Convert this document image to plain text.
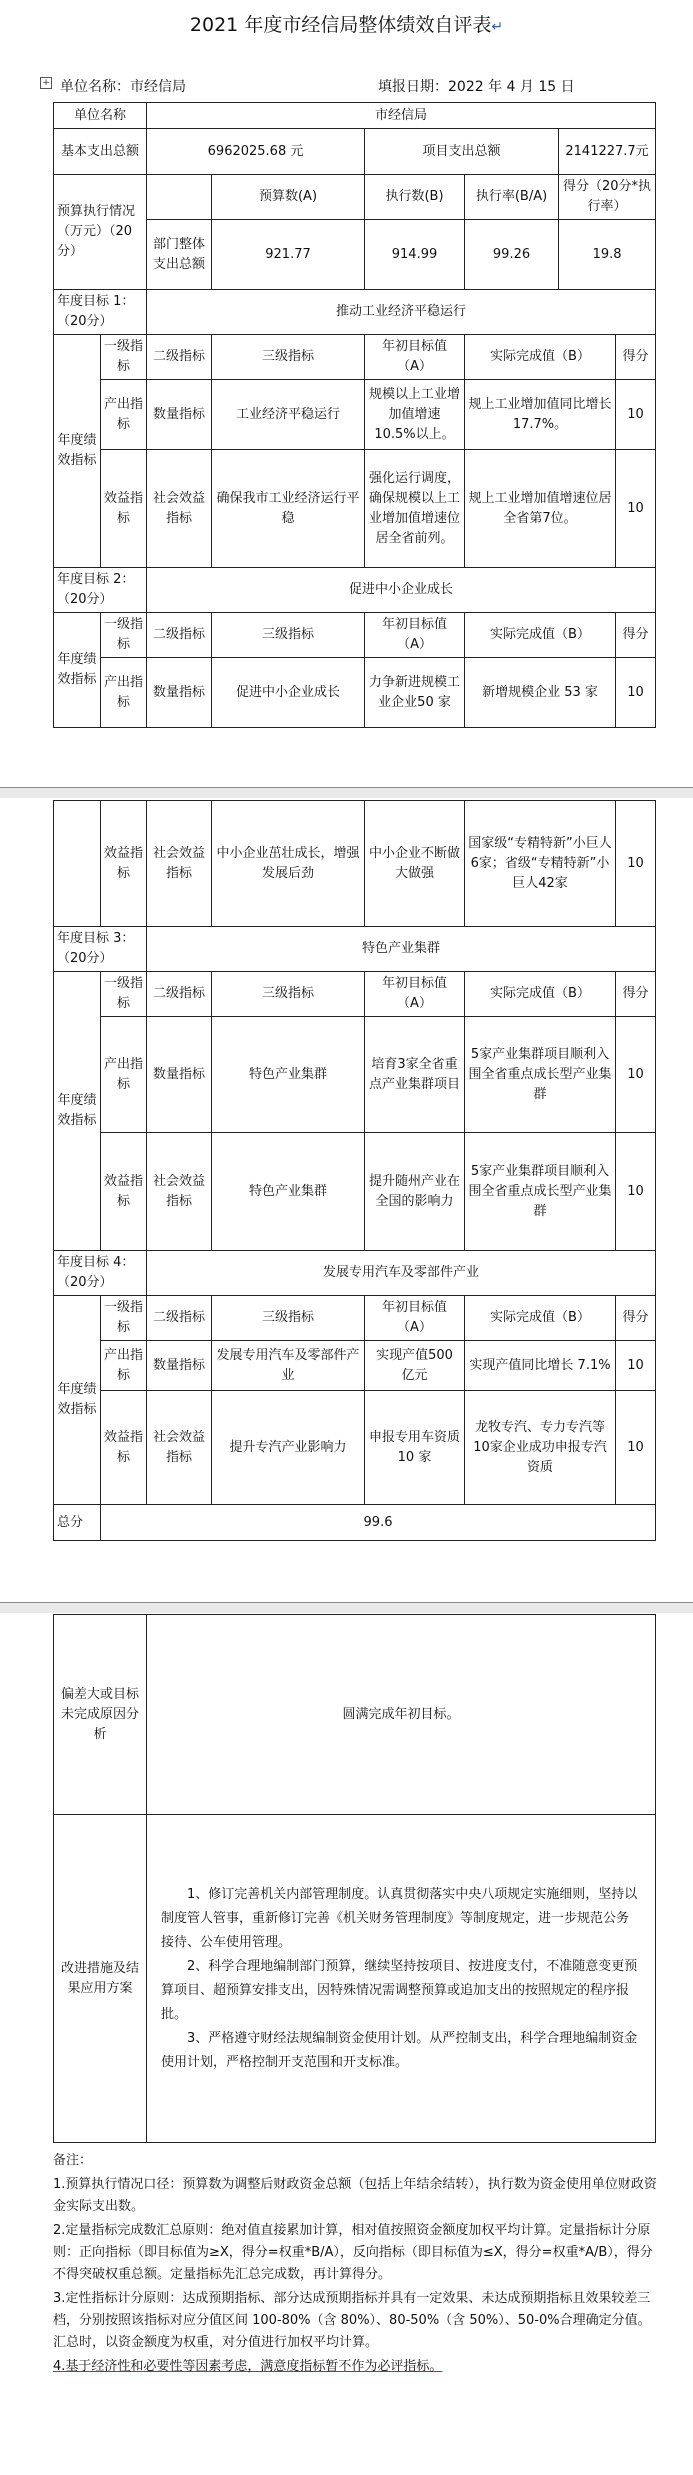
2021 年度市经信局整体绩效自评表↵
+ 单位名称：市经信局	填报日期：2022 年 4 月 15 日
单位名称		市经信局					
基本支出总额		6962025.68 元		项目支出总额		2141227.7元	
预算执行情况（万元）（20分）			预算数(A)	执行数(B)	执行率(B/A)	得分（20分*执行率）	
		部门整体支出总额	921.77	914.99	99.26	19.8	
年度目标 1：（20分）		推动工业经济平稳运行					
年度绩效指标	一级指标	二级指标	三级指标	年初目标值（A）	实际完成值（B）		得分
	产出指标	数量指标	工业经济平稳运行	规模以上工业增加值增速10.5%以上。	规上工业增加值同比增长 17.7%。		10
	效益指标	社会效益指标	确保我市工业经济运行平稳	强化运行调度，确保规模以上工业增加值增速位居全省前列。	规上工业增加值增速位居全省第7位。		10
年度目标 2：（20分）		促进中小企业成长					
年度绩效指标	一级指标	二级指标	三级指标	年初目标值（A）	实际完成值（B）		得分
	产出指标	数量指标	促进中小企业成长	力争新进规模工业企业50 家	新增规模企业 53 家		10
	效益指标	社会效益指标	中小企业茁壮成长，增强发展后劲	中小企业不断做大做强	国家级“专精特新”小巨人6家；省级“专精特新”小巨人42家	10
年度目标 3：（20分）		特色产业集群				
年度绩效指标	一级指标	二级指标	三级指标	年初目标值（A）	实际完成值（B）	得分
	产出指标	数量指标	特色产业集群	培育3家全省重点产业集群项目	5家产业集群项目顺利入围全省重点成长型产业集群	10
	效益指标	社会效益指标	特色产业集群	提升随州产业在全国的影响力	5家产业集群项目顺利入围全省重点成长型产业集群	10
年度目标 4：（20分）		发展专用汽车及零部件产业				
年度绩效指标	一级指标	二级指标	三级指标	年初目标值（A）	实际完成值（B）	得分
	产出指标	数量指标	发展专用汽车及零部件产业	实现产值500 亿元	实现产值同比增长 7.1%	10
	效益指标	社会效益指标	提升专汽产业影响力	申报专用车资质 10 家	龙牧专汽、专力专汽等 10家企业成功申报专汽资质	10
总分	99.6					
偏差大或目标未完成原因分析	圆满完成年初目标。
改进措施及结果应用方案	　　1、修订完善机关内部管理制度。认真贯彻落实中央八项规定实施细则，坚持以制度管人管事，重新修订完善《机关财务管理制度》等制度规定，进一步规范公务接待、公车使用管理。
　　2、科学合理地编制部门预算，继续坚持按项目、按进度支付，不准随意变更预算项目、超预算安排支出，因特殊情况需调整预算或追加支出的按照规定的程序报批。
　　3、严格遵守财经法规编制资金使用计划。从严控制支出，科学合理地编制资金使用计划，严格控制开支范围和开支标准。

备注：

1.预算执行情况口径：预算数为调整后财政资金总额（包括上年结余结转），执行数为资金使用单位财政资金实际支出数。

2.定量指标完成数汇总原则：绝对值直接累加计算，相对值按照资金额度加权平均计算。定量指标计分原则：正向指标（即目标值为≥X，得分=权重*B/A），反向指标（即目标值为≤X，得分=权重*A/B），得分不得突破权重总额。定量指标先汇总完成数，再计算得分。

3.定性指标计分原则：达成预期指标、部分达成预期指标并具有一定效果、未达成预期指标且效果较差三档，分别按照该指标对应分值区间 100-80%（含 80%）、80-50%（含 50%）、50-0%合理确定分值。汇总时，以资金额度为权重，对分值进行加权平均计算。

4.基于经济性和必要性等因素考虑，满意度指标暂不作为必评指标。
